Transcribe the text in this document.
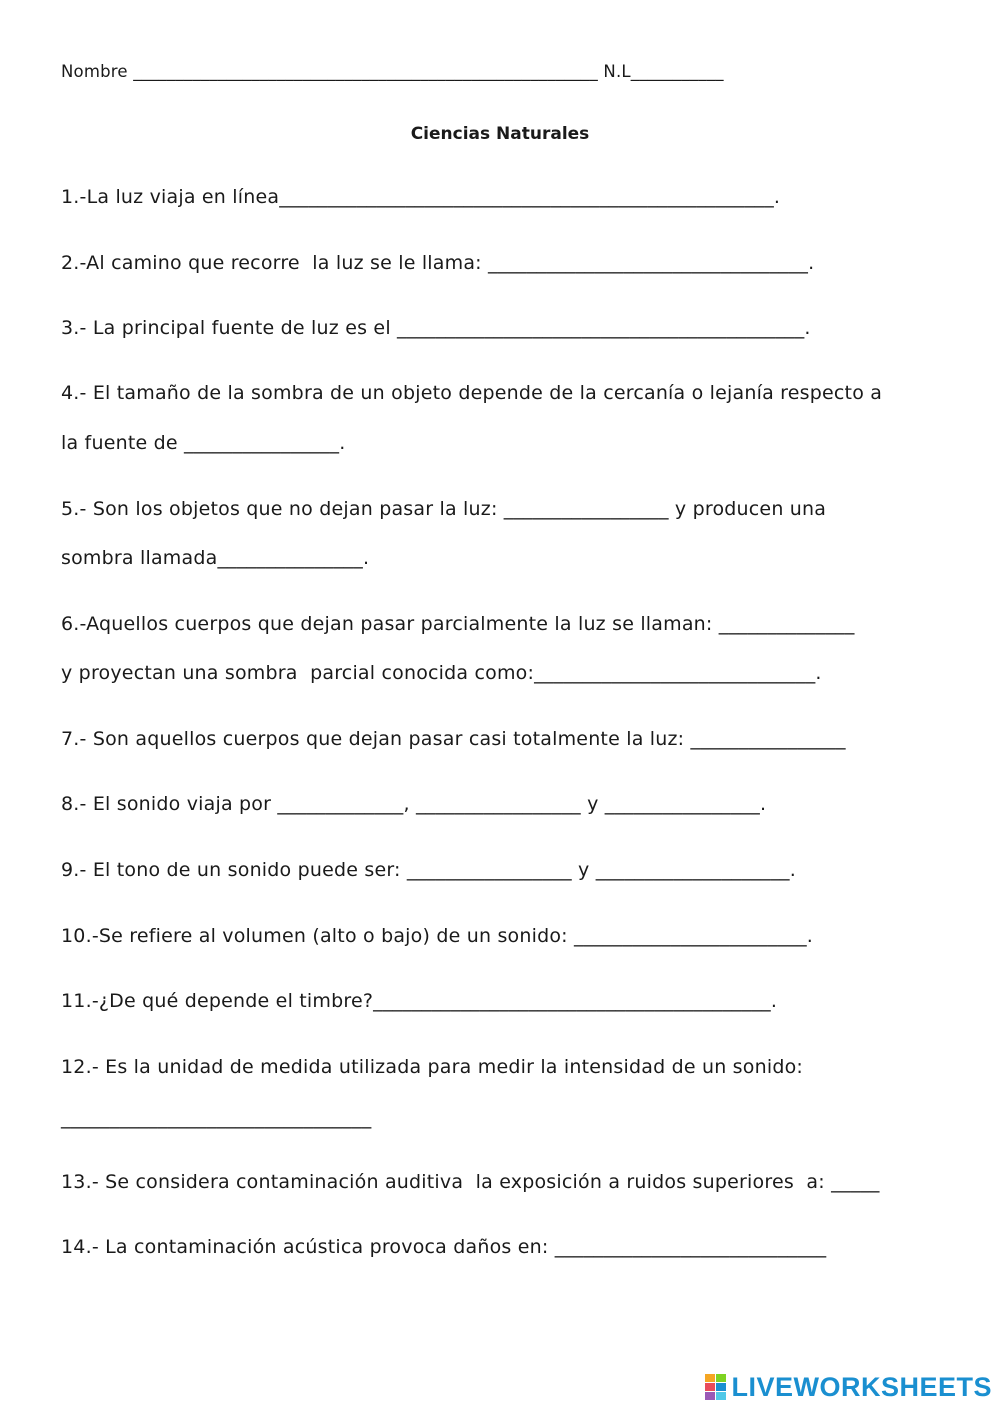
Nombre _______________________________________________________ N.L___________
Ciencias Naturales
1.-La luz viaja en línea___________________________________________________.
2.-Al camino que recorre  la luz se le llama: _________________________________.
3.- La principal fuente de luz es el __________________________________________.
4.- El tamaño de la sombra de un objeto depende de la cercanía o lejanía respecto a
la fuente de ________________.
5.- Son los objetos que no dejan pasar la luz: _________________ y producen una
sombra llamada_______________.
6.-Aquellos cuerpos que dejan pasar parcialmente la luz se llaman: ______________
y proyectan una sombra  parcial conocida como:_____________________________.
7.- Son aquellos cuerpos que dejan pasar casi totalmente la luz: ________________
8.- El sonido viaja por _____________, _________________ y ________________.
9.- El tono de un sonido puede ser: _________________ y ____________________.
10.-Se refiere al volumen (alto o bajo) de un sonido: ________________________.
11.-¿De qué depende el timbre?_________________________________________.
12.- Es la unidad de medida utilizada para medir la intensidad de un sonido:
________________________________
13.- Se considera contaminación auditiva  la exposición a ruidos superiores  a: _____
14.- La contaminación acústica provoca daños en: ____________________________
LIVEWORKSHEETS
